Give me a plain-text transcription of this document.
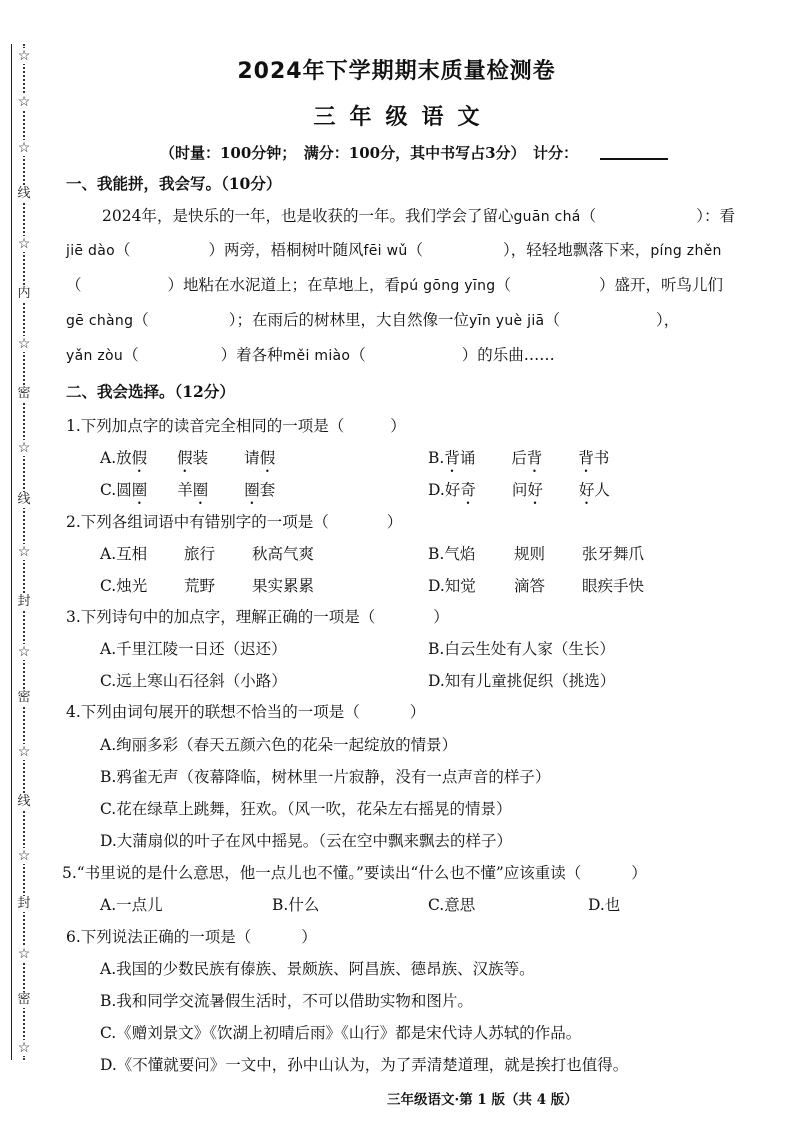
☆
☆
☆
线
☆
内
☆
密
☆
线
☆
封
☆
密
☆
线
☆
封
☆
密
☆
2024年下学期期末质量检测卷
三年级语文
（时量：100分钟；　满分：100分，其中书写占3分）　计分：
一、我能拼，我会写。（10分）
2024年，是快乐的一年，也是收获的一年。我们学会了留心guān chá（	）：看
jiē dào（	）两旁，梧桐树叶随风fēi wǔ（	），轻轻地飘落下来，píng zhěn
（	）地粘在水泥道上；在草地上，看pú gōng yīng（	）盛开，听鸟儿们
gē chàng（	）；在雨后的树林里，大自然像一位yīn yuè jiā（	），
yǎn zòu（	）着各种měi miào（	）的乐曲……
二、我会选择。（12分）
1.下列加点字的读音完全相同的一项是（	）
A.放假　 假装　 请假	B.背诵　 后背　 背书
C.圆圈　 羊圈　 圈套	D.好奇　 问好　 好人
2.下列各组词语中有错别字的一项是（	）
A.互相 旅行 秋高气爽	B.气焰 规则 张牙舞爪
C.烛光 荒野 果实累累	D.知觉 滴答 眼疾手快
3.下列诗句中的加点字，理解正确的一项是（	）
A.千里江陵一日还（迟还）	B.白云生处有人家（生长）
C.远上寒山石径斜（小路）	D.知有儿童挑促织（挑选）
4.下列由词句展开的联想不恰当的一项是（	）
A.绚丽多彩（春天五颜六色的花朵一起绽放的情景）
B.鸦雀无声（夜幕降临，树林里一片寂静，没有一点声音的样子）
C.花在绿草上跳舞，狂欢。（风一吹，花朵左右摇晃的情景）
D.大蒲扇似的叶子在风中摇晃。（云在空中飘来飘去的样子）
5.“书里说的是什么意思，他一点儿也不懂。”要读出“什么也不懂”应该重读（	）
A.一点儿	B.什么	C.意思	D.也
6.下列说法正确的一项是（	）
A.我国的少数民族有傣族、景颇族、阿昌族、德昂族、汉族等。
B.我和同学交流暑假生活时，不可以借助实物和图片。
C.《赠刘景文》《饮湖上初晴后雨》《山行》都是宋代诗人苏轼的作品。
D.《不懂就要问》一文中，孙中山认为，为了弄清楚道理，就是挨打也值得。
三年级语文·第 1 版（共 4 版）
